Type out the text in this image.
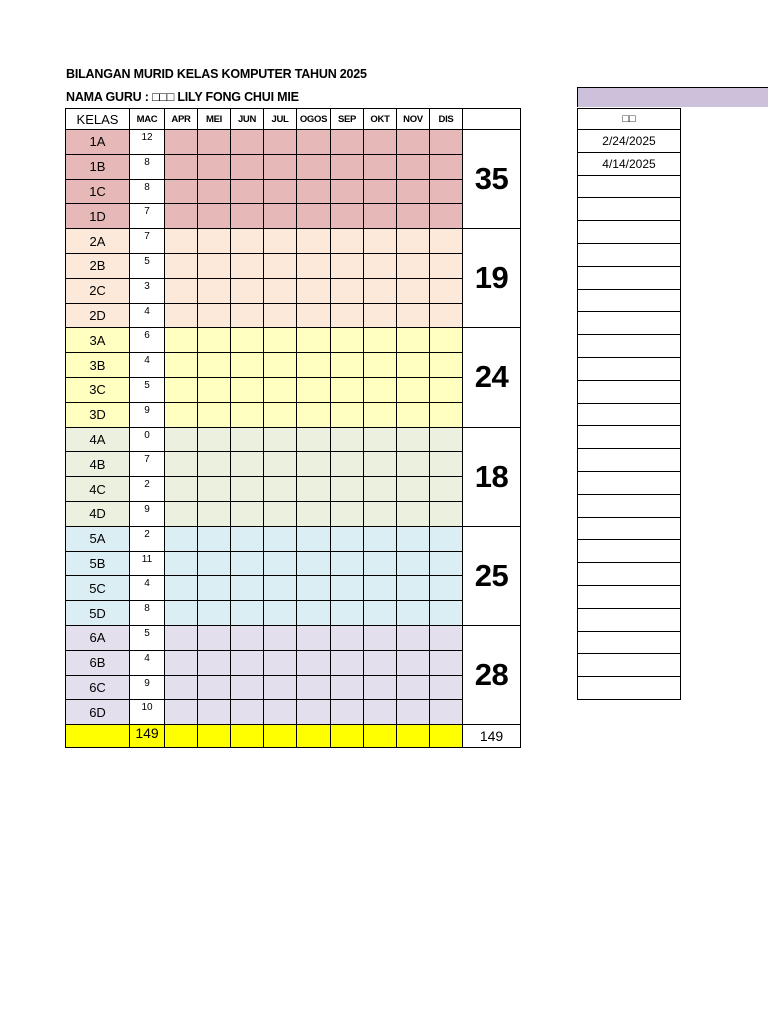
BILANGAN MURID KELAS KOMPUTER TAHUN 2025
NAMA GURU : □□□ LILY FONG CHUI MIE
KELAS	MAC	APR	MEI	JUN	JUL	OGOS	SEP	OKT	NOV	DIS	
1A	12										35
1B	8										
1C	8										
1D	7										
2A	7										19
2B	5										
2C	3										
2D	4										
3A	6										24
3B	4										
3C	5										
3D	9										
4A	0										18
4B	7										
4C	2										
4D	9										
5A	2										25
5B	11										
5C	4										
5D	8										
6A	5										28
6B	4										
6C	9										
6D	10										
	149										149
□□
2/24/2025
4/14/2025
